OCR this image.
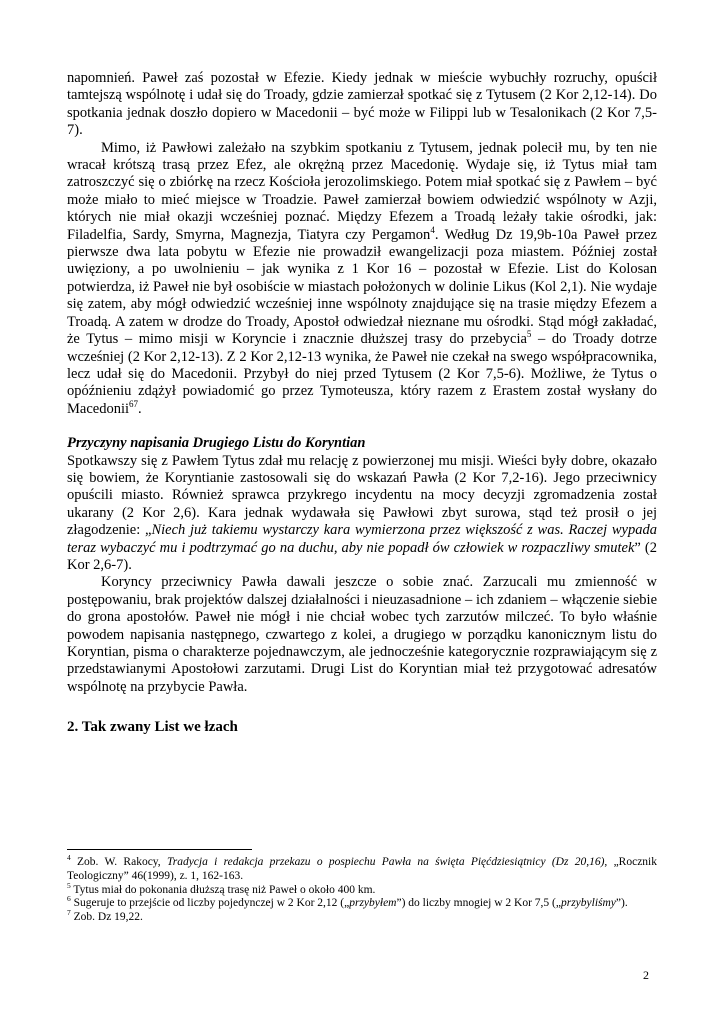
napomnień. Paweł zaś pozostał w Efezie. Kiedy jednak w mieście wybuchły rozruchy, opuścił tamtejszą wspólnotę i udał się do Troady, gdzie zamierzał spotkać się z Tytusem (2 Kor 2,12-14). Do spotkania jednak doszło dopiero w Macedonii – być może w Filippi lub w Tesalonikach (2 Kor 7,5-7).

Mimo, iż Pawłowi zależało na szybkim spotkaniu z Tytusem, jednak polecił mu, by ten nie wracał krótszą trasą przez Efez, ale okrężną przez Macedonię. Wydaje się, iż Tytus miał tam zatroszczyć się o zbiórkę na rzecz Kościoła jerozolimskiego. Potem miał spotkać się z Pawłem – być może miało to mieć miejsce w Troadzie. Paweł zamierzał bowiem odwiedzić wspólnoty w Azji, których nie miał okazji wcześniej poznać. Między Efezem a Troadą leżały takie ośrodki, jak: Filadelfia, Sardy, Smyrna, Magnezja, Tiatyra czy Pergamon$^4$. Według Dz 19,9b-10a Paweł przez pierwsze dwa lata pobytu w Efezie nie prowadził ewangelizacji poza miastem. Później został uwięziony, a po uwolnieniu – jak wynika z 1 Kor 16 – pozostał w Efezie. List do Kolosan potwierdza, iż Paweł nie był osobiście w miastach położonych w dolinie Likus (Kol 2,1). Nie wydaje się zatem, aby mógł odwiedzić wcześniej inne wspólnoty znajdujące się na trasie między Efezem a Troadą. A zatem w drodze do Troady, Apostoł odwiedzał nieznane mu ośrodki. Stąd mógł zakładać, że Tytus – mimo misji w Koryncie i znacznie dłuższej trasy do przebycia$^5$ – do Troady dotrze wcześniej (2 Kor 2,12-13). Z 2 Kor 2,12-13 wynika, że Paweł nie czekał na swego współpracownika, lecz udał się do Macedonii. Przybył do niej przed Tytusem (2 Kor 7,5-6). Możliwe, że Tytus o opóźnieniu zdążył powiadomić go przez Tymoteusza, który razem z Erastem został wysłany do Macedonii$^{67}$.

Przyczyny napisania Drugiego Listu do Koryntian

Spotkawszy się z Pawłem Tytus zdał mu relację z powierzonej mu misji. Wieści były dobre, okazało się bowiem, że Koryntianie zastosowali się do wskazań Pawła (2 Kor 7,2-16). Jego przeciwnicy opuścili miasto. Również sprawca przykrego incydentu na mocy decyzji zgromadzenia został ukarany (2 Kor 2,6). Kara jednak wydawała się Pawłowi zbyt surowa, stąd też prosił o jej złagodzenie: „Niech już takiemu wystarczy kara wymierzona przez większość z was. Raczej wypada teraz wybaczyć mu i podtrzymać go na duchu, aby nie popadł ów człowiek w rozpaczliwy smutek” (2 Kor 2,6-7).

Koryncy przeciwnicy Pawła dawali jeszcze o sobie znać. Zarzucali mu zmienność w postępowaniu, brak projektów dalszej działalności i nieuzasadnione – ich zdaniem – włączenie siebie do grona apostołów. Paweł nie mógł i nie chciał wobec tych zarzutów milczeć. To było właśnie powodem napisania następnego, czwartego z kolei, a drugiego w porządku kanonicznym listu do Koryntian, pisma o charakterze pojednawczym, ale jednocześnie kategorycznie rozprawiającym się z przedstawianymi Apostołowi zarzutami. Drugi List do Koryntian miał też przygotować adresatów wspólnotę na przybycie Pawła.

2. Tak zwany List we łzach

$^4$ Zob. W. Rakocy, Tradycja i redakcja przekazu o pospiechu Pawła na święta Pięćdziesiątnicy (Dz 20,16), „Rocznik Teologiczny” 46(1999), z. 1, 162-163.

$^5$ Tytus miał do pokonania dłuższą trasę niż Paweł o około 400 km.

$^6$ Sugeruje to przejście od liczby pojedynczej w 2 Kor 2,12 („przybyłem”) do liczby mnogiej w 2 Kor 7,5 („przybyliśmy”).

$^7$ Zob. Dz 19,22.

2
